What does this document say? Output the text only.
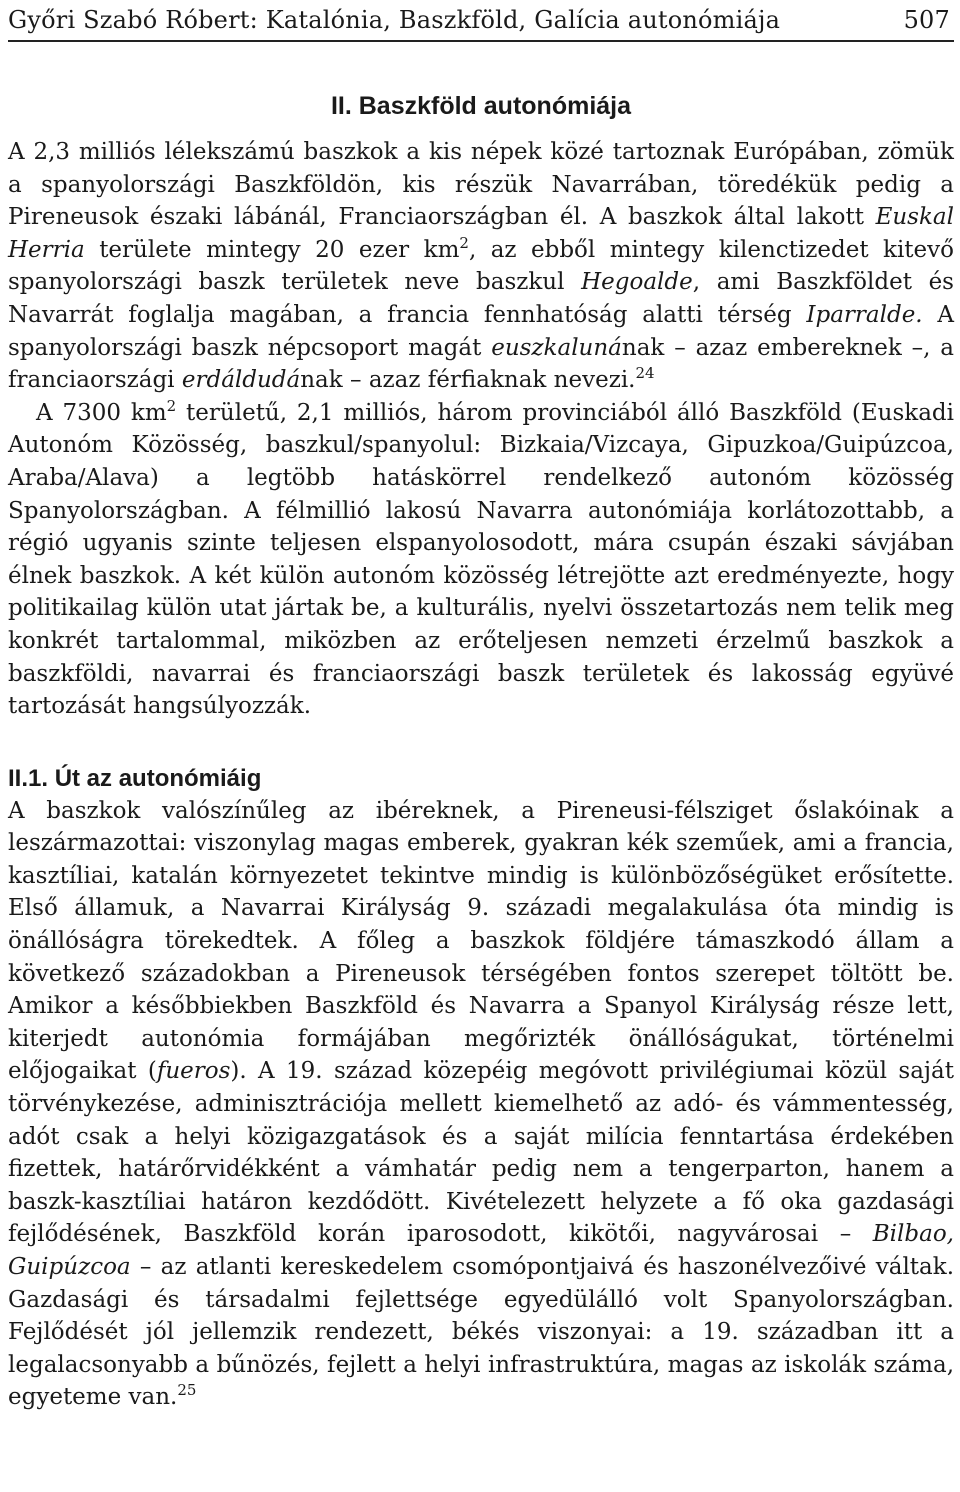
Győri Szabó Róbert: Katalónia, Baszkföld, Galícia autonómiája	507
II. Baszkföld autonómiája

A 2,3 milliós lélekszámú baszkok a kis népek közé tartoznak Európában, zömük a spanyolországi Baszkföldön, kis részük Navarrában, töredékük pedig a Pireneusok északi lábánál, Franciaországban él. A baszkok által lakott Euskal Herria területe mintegy 20 ezer $km^2$, az ebből mintegy kilenctizedet kitevő spanyolországi baszk területek neve baszkul Hegoalde, ami Baszkföldet és Navarrát foglalja magában, a francia fennhatóság alatti térség Iparralde. A spanyolországi baszk népcsoport magát euszkalunának – azaz embereknek –, a franciaországi erdáldudának – azaz férfiaknak nevezi.$^{24}$

A 7300 $km^2$ területű, 2,1 milliós, három provinciából álló Baszkföld (Euskadi Autonóm Közösség, baszkul/spanyolul: Bizkaia/Vizcaya, Gipuzkoa/Guipúzcoa, Araba/Alava) a legtöbb hatáskörrel rendelkező autonóm közösség Spanyolországban. A félmillió lakosú Navarra autonómiája korlátozottabb, a régió ugyanis szinte teljesen elspanyolosodott, mára csupán északi sávjában élnek baszkok. A két külön autonóm közösség létrejötte azt eredményezte, hogy politikailag külön utat jártak be, a kulturális, nyelvi összetartozás nem telik meg konkrét tartalommal, miközben az erőteljesen nemzeti érzelmű baszkok a baszkföldi, navarrai és franciaországi baszk területek és lakosság együvé tartozását hangsúlyozzák.

II.1. Út az autonómiáig

A baszkok valószínűleg az ibéreknek, a Pireneusi-félsziget őslakóinak a leszármazottai: viszonylag magas emberek, gyakran kék szeműek, ami a francia, kasztíliai, katalán környezetet tekintve mindig is különbözőségüket erősítette. Első államuk, a Navarrai Királyság 9. századi megalakulása óta mindig is önállóságra törekedtek. A főleg a baszkok földjére támaszkodó állam a következő századokban a Pireneusok térségében fontos szerepet töltött be. Amikor a későbbiekben Baszkföld és Navarra a Spanyol Királyság része lett, kiterjedt autonómia formájában megőrizték önállóságukat, történelmi előjogaikat (fueros). A 19. század közepéig megóvott privilégiumai közül saját törvénykezése, adminisztrációja mellett kiemelhető az adó- és vámmentesség, adót csak a helyi közigazgatások és a saját milícia fenntartása érdekében fizettek, határőrvidékként a vámhatár pedig nem a tengerparton, hanem a baszk-kasztíliai határon kezdődött. Kivételezett helyzete a fő oka gazdasági fejlődésének, Baszkföld korán iparosodott, kikötői, nagyvárosai – Bilbao, Guipúzcoa – az atlanti kereskedelem csomópontjaivá és haszonélvezőivé váltak. Gazdasági és társadalmi fejlettsége egyedülálló volt Spanyolországban. Fejlődését jól jellemzik rendezett, békés viszonyai: a 19. században itt a legalacsonyabb a bűnözés, fejlett a helyi infrastruktúra, magas az iskolák száma, egyeteme van.$^{25}$
